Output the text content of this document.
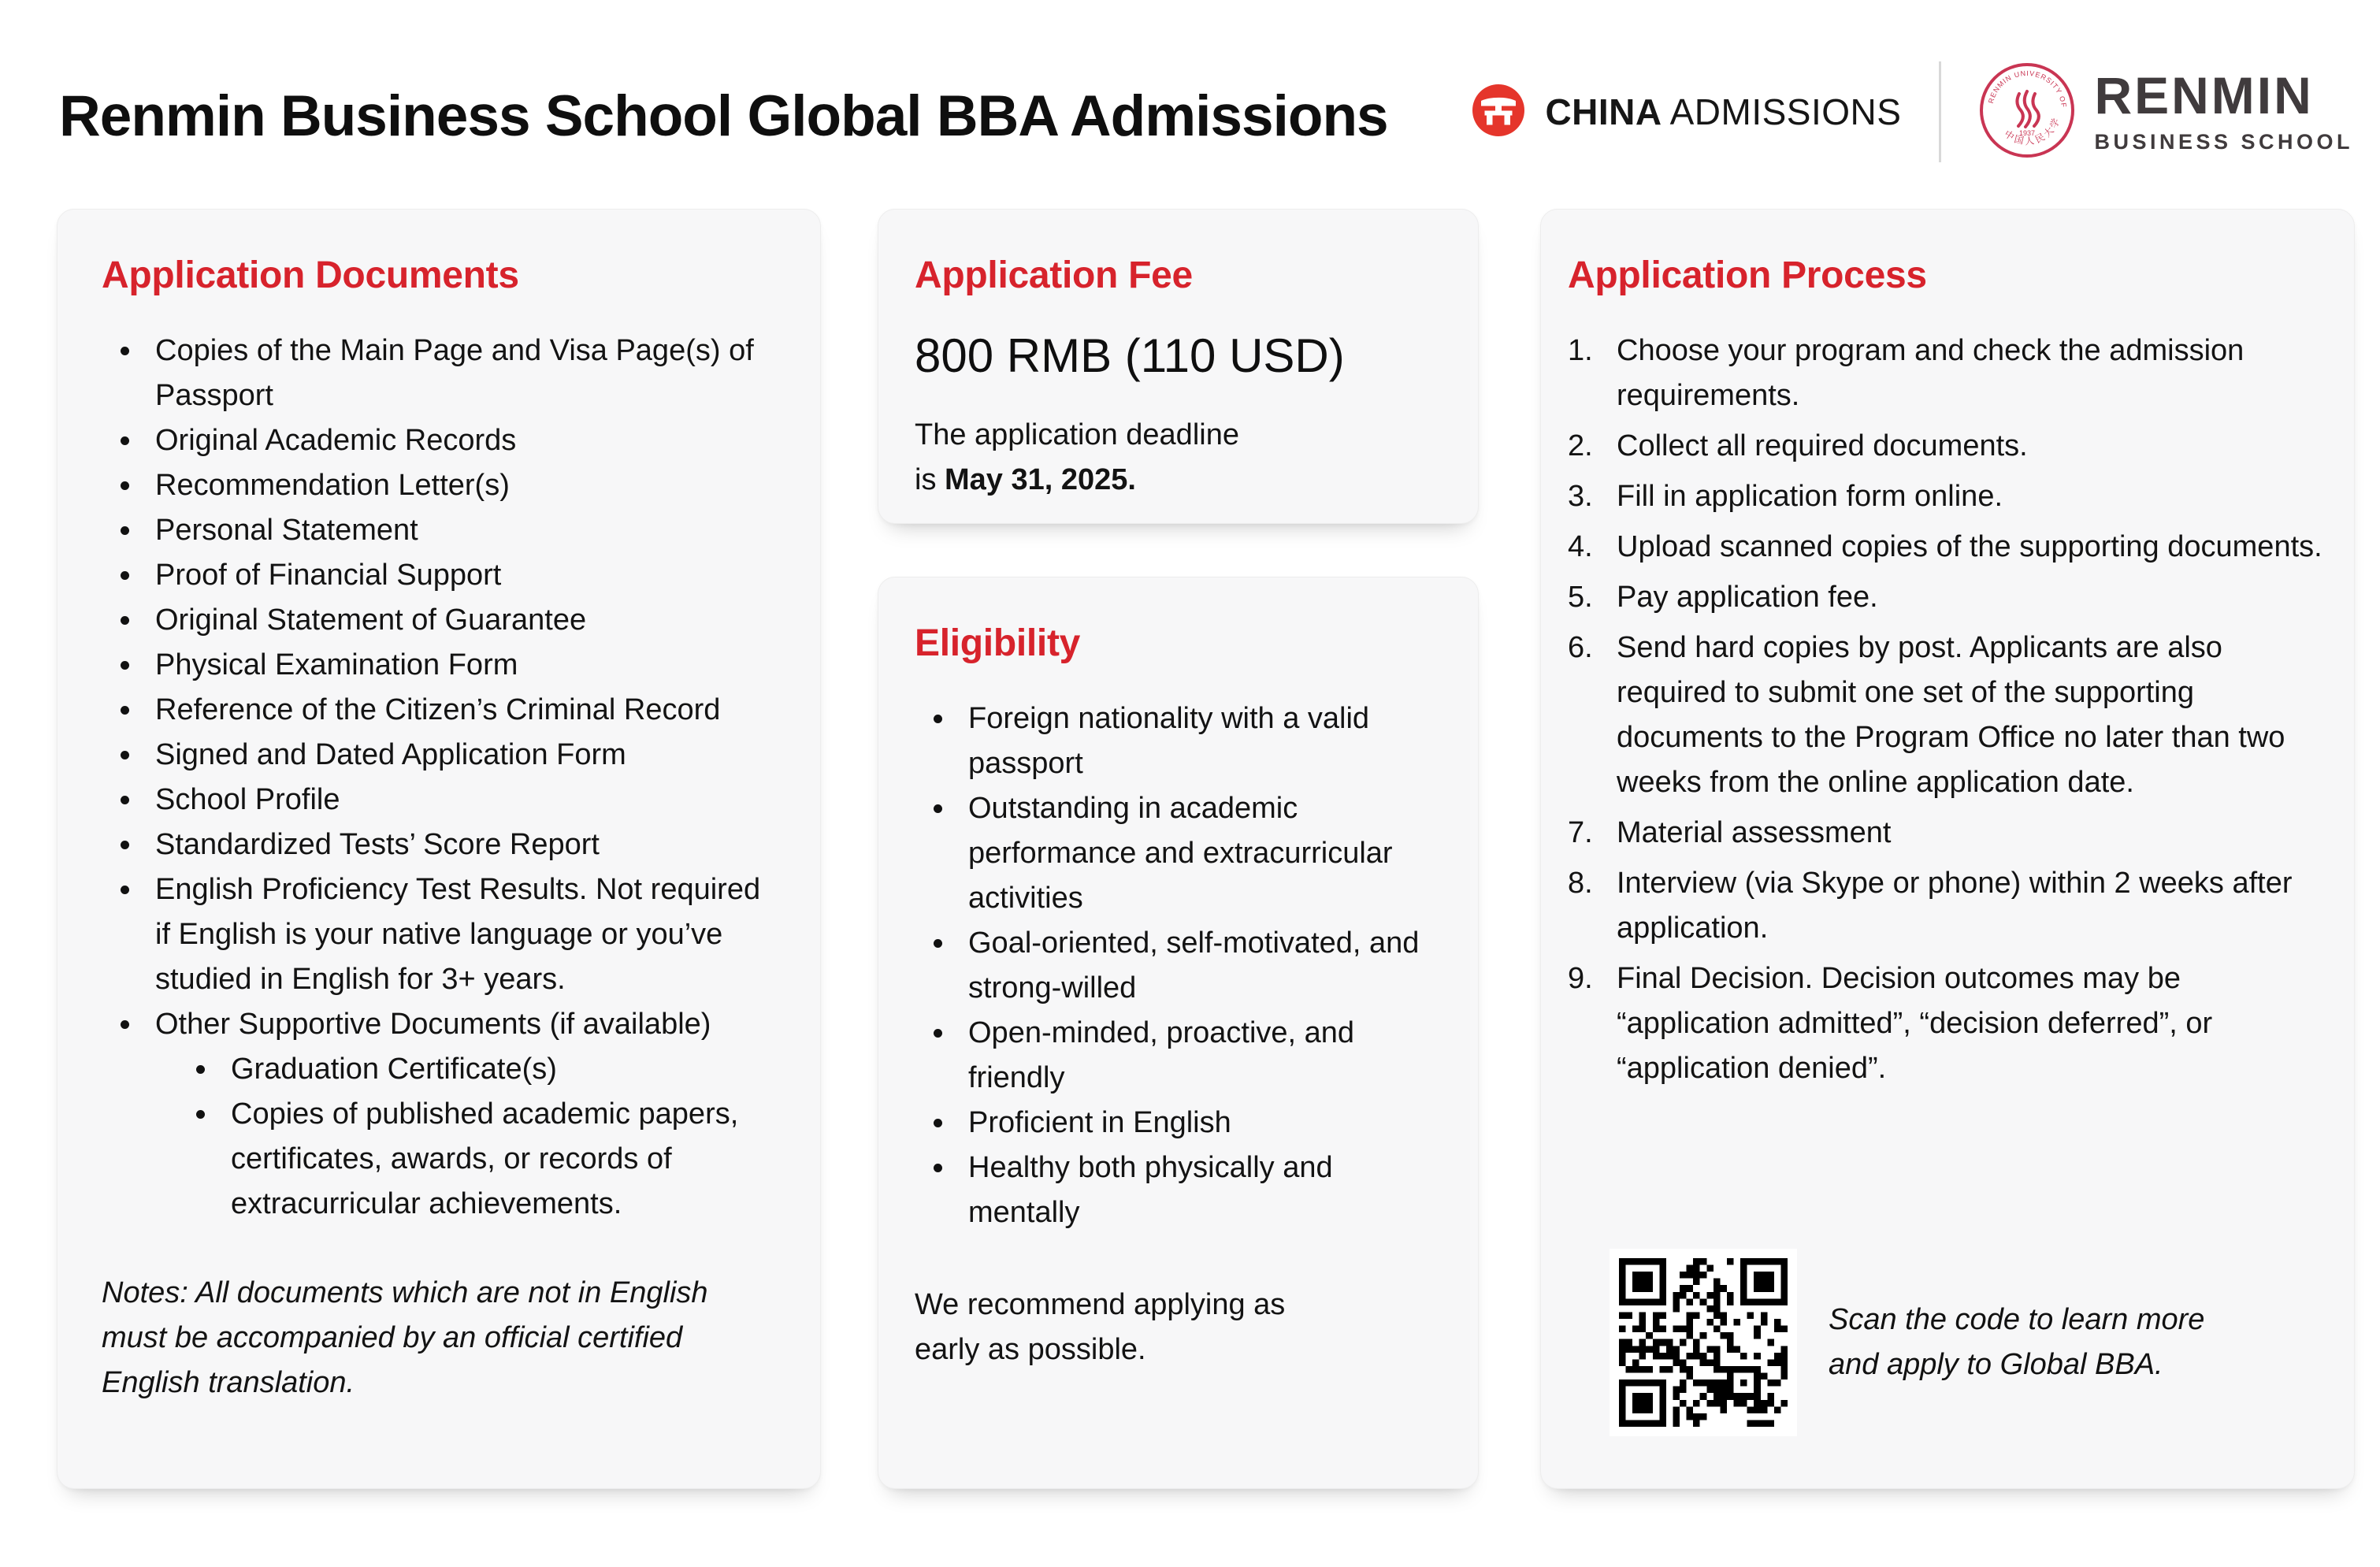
Renmin Business School Global BBA Admissions	CHINA ADMISSIONS	RENMIN UNIVERSITY OF
中国人民大学
1937
RENMIN
BUSINESS SCHOOL
Application Documents
Copies of the Main Page and Visa Page(s) of Passport
Original Academic Records
Recommendation Letter(s)
Personal Statement
Proof of Financial Support
Original Statement of Guarantee
Physical Examination Form
Reference of the Citizen’s Criminal Record
Signed and Dated Application Form
School Profile
Standardized Tests’ Score Report
English Proficiency Test Results. Not required if English is your native language or you’ve studied in English for 3+ years.
Other Supportive Documents (if available)
Graduation Certificate(s)
Copies of published academic papers, certificates, awards, or records of extracurricular achievements.

Notes: All documents which are not in English must be accompanied by an official certified English translation.

Application Fee
800 RMB (110 USD)

The application deadline
is May 31, 2025.

Eligibility
Foreign nationality with a valid passport
Outstanding in academic performance and extracurricular activities
Goal-oriented, self-motivated, and strong-willed
Open-minded, proactive, and friendly
Proficient in English
Healthy both physically and mentally

We recommend applying as early as possible.

Application Process
Choose your program and check the admission requirements.
Collect all required documents.
Fill in application form online.
Upload scanned copies of the supporting documents.
Pay application fee.
Send hard copies by post. Applicants are also required to submit one set of the supporting documents to the Program Office no later than two weeks from the online application date.
Material assessment
Interview (via Skype or phone) within 2 weeks after application.
Final Decision. Decision outcomes may be “application admitted”, “decision deferred”, or “application denied”.

Scan the code to learn more
and apply to Global BBA.
